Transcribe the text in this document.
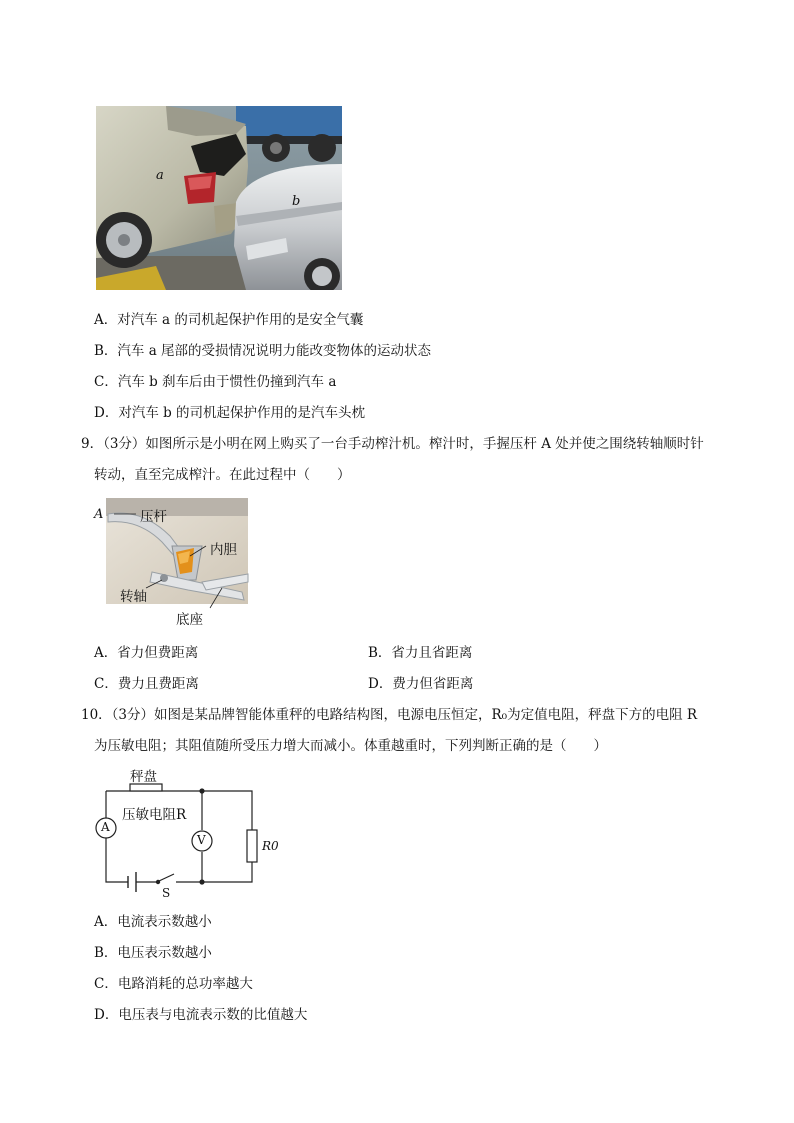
a
b
A．对汽车 a 的司机起保护作用的是安全气囊
B．汽车 a 尾部的受损情况说明力能改变物体的运动状态
C．汽车 b 刹车后由于惯性仍撞到汽车 a
D．对汽车 b 的司机起保护作用的是汽车头枕
9．（3分）如图所示是小明在网上购买了一台手动榨汁机。榨汁时，手握压杆 A 处并使之围绕转轴顺时针
转动，直至完成榨汁。在此过程中（　　）
A	压杆
内胆
转轴
底座
A．省力但费距离	B．省力且省距离
C．费力且费距离	D．费力但省距离
10．（3分）如图是某品牌智能体重秤的电路结构图，电源电压恒定，R₀为定值电阻，秤盘下方的电阻 R
为压敏电阻；其阻值随所受压力增大而减小。体重越重时，下列判断正确的是（　　）
秤盘
压敏电阻R
A
V	R0
S
A．电流表示数越小
B．电压表示数越小
C．电路消耗的总功率越大
D．电压表与电流表示数的比值越大
